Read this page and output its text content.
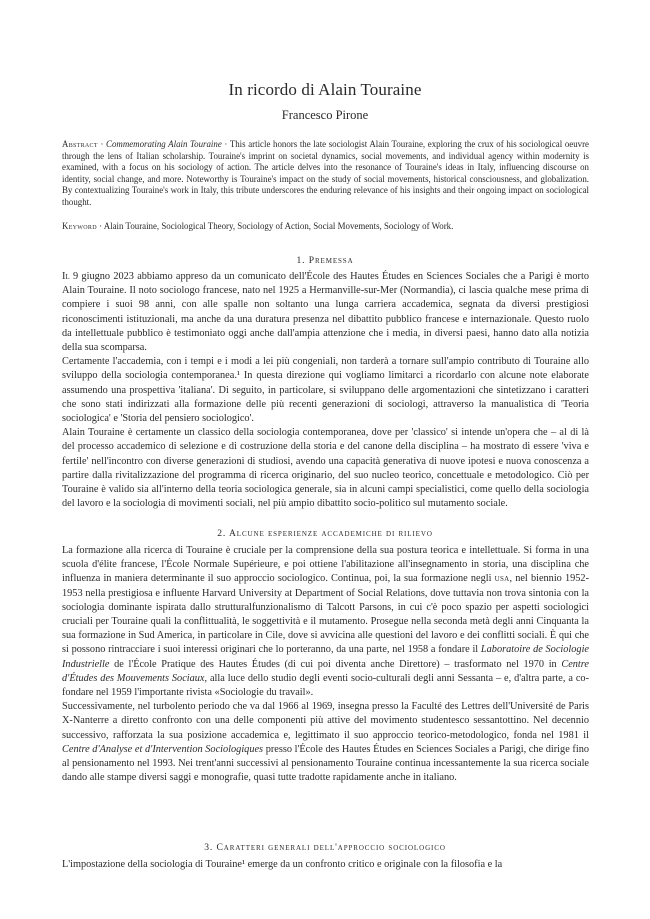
In ricordo di Alain Touraine
Francesco Pirone
Abstract · Commemorating Alain Touraine · This article honors the late sociologist Alain Touraine, exploring the crux of his sociological oeuvre through the lens of Italian scholarship. Touraine's imprint on societal dynamics, social movements, and individual agency within modernity is examined, with a focus on his sociology of action. The article delves into the resonance of Touraine's ideas in Italy, influencing discourse on identity, social change, and more. Noteworthy is Touraine's impact on the study of social movements, historical consciousness, and globalization. By contextualizing Touraine's work in Italy, this tribute underscores the enduring relevance of his insights and their ongoing impact on sociological thought.
Keyword · Alain Touraine, Sociological Theory, Sociology of Action, Social Movements, Sociology of Work.
1. Premessa

Il 9 giugno 2023 abbiamo appreso da un comunicato dell'École des Hautes Études en Sciences Sociales che a Parigi è morto Alain Touraine. Il noto sociologo francese, nato nel 1925 a Hermanville-sur-Mer (Normandia), ci lascia qualche mese prima di compiere i suoi 98 anni, con alle spalle non soltanto una lunga carriera accademica, segnata da diversi prestigiosi riconoscimenti istituzionali, ma anche da una duratura presenza nel dibattito pubblico francese e internazionale. Questo ruolo da intellettuale pubblico è testimoniato oggi anche dall'ampia attenzione che i media, in diversi paesi, hanno dato alla notizia della sua scomparsa.

Certamente l'accademia, con i tempi e i modi a lei più congeniali, non tarderà a tornare sull'ampio contributo di Touraine allo sviluppo della sociologia contemporanea.¹ In questa direzione qui vogliamo limitarci a ricordarlo con alcune note elaborate assumendo una prospettiva 'italiana'. Di seguito, in particolare, si sviluppano delle argomentazioni che sintetizzano i caratteri che sono stati indirizzati alla formazione delle più recenti generazioni di sociologi, attraverso la manualistica di 'Teoria sociologica' e 'Storia del pensiero sociologico'.

Alain Touraine è certamente un classico della sociologia contemporanea, dove per 'classico' si intende un'opera che – al di là del processo accademico di selezione e di costruzione della storia e del canone della disciplina – ha mostrato di essere 'viva e fertile' nell'incontro con diverse generazioni di studiosi, avendo una capacità generativa di nuove ipotesi e nuova conoscenza a partire dalla rivitalizzazione del programma di ricerca originario, del suo nucleo teorico, concettuale e metodologico. Ciò per Touraine è valido sia all'interno della teoria sociologica generale, sia in alcuni campi specialistici, come quello della sociologia del lavoro e la sociologia di movimenti sociali, nel più ampio dibattito socio-politico sul mutamento sociale.

2. Alcune esperienze accademiche di rilievo

La formazione alla ricerca di Touraine è cruciale per la comprensione della sua postura teorica e intellettuale. Si forma in una scuola d'élite francese, l'École Normale Supérieure, e poi ottiene l'abilitazione all'insegnamento in storia, una disciplina che influenza in maniera determinante il suo approccio sociologico. Continua, poi, la sua formazione negli usa, nel biennio 1952-1953 nella prestigiosa e influente Harvard University at Department of Social Relations, dove tuttavia non trova sintonia con la sociologia dominante ispirata dallo strutturalfunzionalismo di Talcott Parsons, in cui c'è poco spazio per aspetti sociologici cruciali per Touraine quali la conflittualità, le soggettività e il mutamento. Prosegue nella seconda metà degli anni Cinquanta la sua formazione in Sud America, in particolare in Cile, dove si avvicina alle questioni del lavoro e dei conflitti sociali. È qui che si possono rintracciare i suoi interessi originari che lo porteranno, da una parte, nel 1958 a fondare il Laboratoire de Sociologie Industrielle de l'École Pratique des Hautes Études (di cui poi diventa anche Direttore) – trasformato nel 1970 in Centre d'Études des Mouvements Sociaux, alla luce dello studio degli eventi socio-culturali degli anni Sessanta – e, d'altra parte, a co-fondare nel 1959 l'importante rivista «Sociologie du travail».

Successivamente, nel turbolento periodo che va dal 1966 al 1969, insegna presso la Faculté des Lettres dell'Université de Paris X-Nanterre a diretto confronto con una delle componenti più attive del movimento studentesco sessantottino. Nel decennio successivo, rafforzata la sua posizione accademica e, legittimato il suo approccio teorico-metodologico, fonda nel 1981 il Centre d'Analyse et d'Intervention Sociologiques presso l'École des Hautes Études en Sciences Sociales a Parigi, che dirige fino al pensionamento nel 1993. Nei trent'anni successivi al pensionamento Touraine continua incessantemente la sua ricerca sociale dando alle stampe diversi saggi e monografie, quasi tutte tradotte rapidamente anche in italiano.

3. Caratteri generali dell'approccio sociologico

L'impostazione della sociologia di Touraine¹ emerge da un confronto critico e originale con la filosofia e la
